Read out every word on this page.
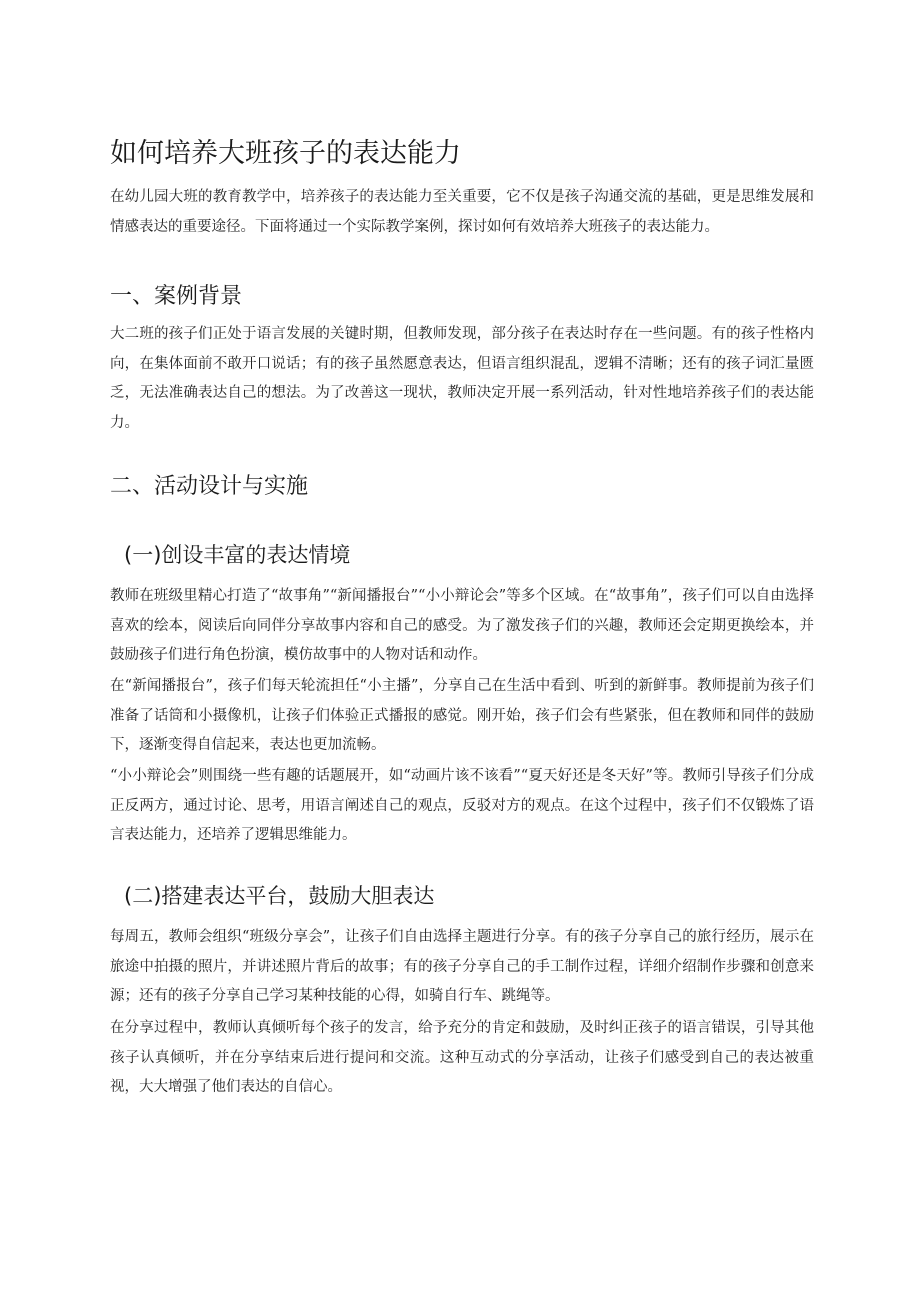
如何培养大班孩子的表达能力

在幼儿园大班的教育教学中，培养孩子的表达能力至关重要，它不仅是孩子沟通交流的基础，更是思维发展和情感表达的重要途径。下面将通过一个实际教学案例，探讨如何有效培养大班孩子的表达能力。

一、案例背景

大二班的孩子们正处于语言发展的关键时期，但教师发现，部分孩子在表达时存在一些问题。有的孩子性格内向，在集体面前不敢开口说话；有的孩子虽然愿意表达，但语言组织混乱，逻辑不清晰；还有的孩子词汇量匮乏，无法准确表达自己的想法。为了改善这一现状，教师决定开展一系列活动，针对性地培养孩子们的表达能力。

二、活动设计与实施
(一)创设丰富的表达情境

教师在班级里精心打造了“故事角”“新闻播报台”“小小辩论会”等多个区域。在“故事角”，孩子们可以自由选择喜欢的绘本，阅读后向同伴分享故事内容和自己的感受。为了激发孩子们的兴趣，教师还会定期更换绘本，并鼓励孩子们进行角色扮演，模仿故事中的人物对话和动作。

在“新闻播报台”，孩子们每天轮流担任“小主播”，分享自己在生活中看到、听到的新鲜事。教师提前为孩子们准备了话筒和小摄像机，让孩子们体验正式播报的感觉。刚开始，孩子们会有些紧张，但在教师和同伴的鼓励下，逐渐变得自信起来，表达也更加流畅。

“小小辩论会”则围绕一些有趣的话题展开，如“动画片该不该看”“夏天好还是冬天好”等。教师引导孩子们分成正反两方，通过讨论、思考，用语言阐述自己的观点，反驳对方的观点。在这个过程中，孩子们不仅锻炼了语言表达能力，还培养了逻辑思维能力。

(二)搭建表达平台，鼓励大胆表达

每周五，教师会组织“班级分享会”，让孩子们自由选择主题进行分享。有的孩子分享自己的旅行经历，展示在旅途中拍摄的照片，并讲述照片背后的故事；有的孩子分享自己的手工制作过程，详细介绍制作步骤和创意来源；还有的孩子分享自己学习某种技能的心得，如骑自行车、跳绳等。

在分享过程中，教师认真倾听每个孩子的发言，给予充分的肯定和鼓励，及时纠正孩子的语言错误，引导其他孩子认真倾听，并在分享结束后进行提问和交流。这种互动式的分享活动，让孩子们感受到自己的表达被重视，大大增强了他们表达的自信心。
